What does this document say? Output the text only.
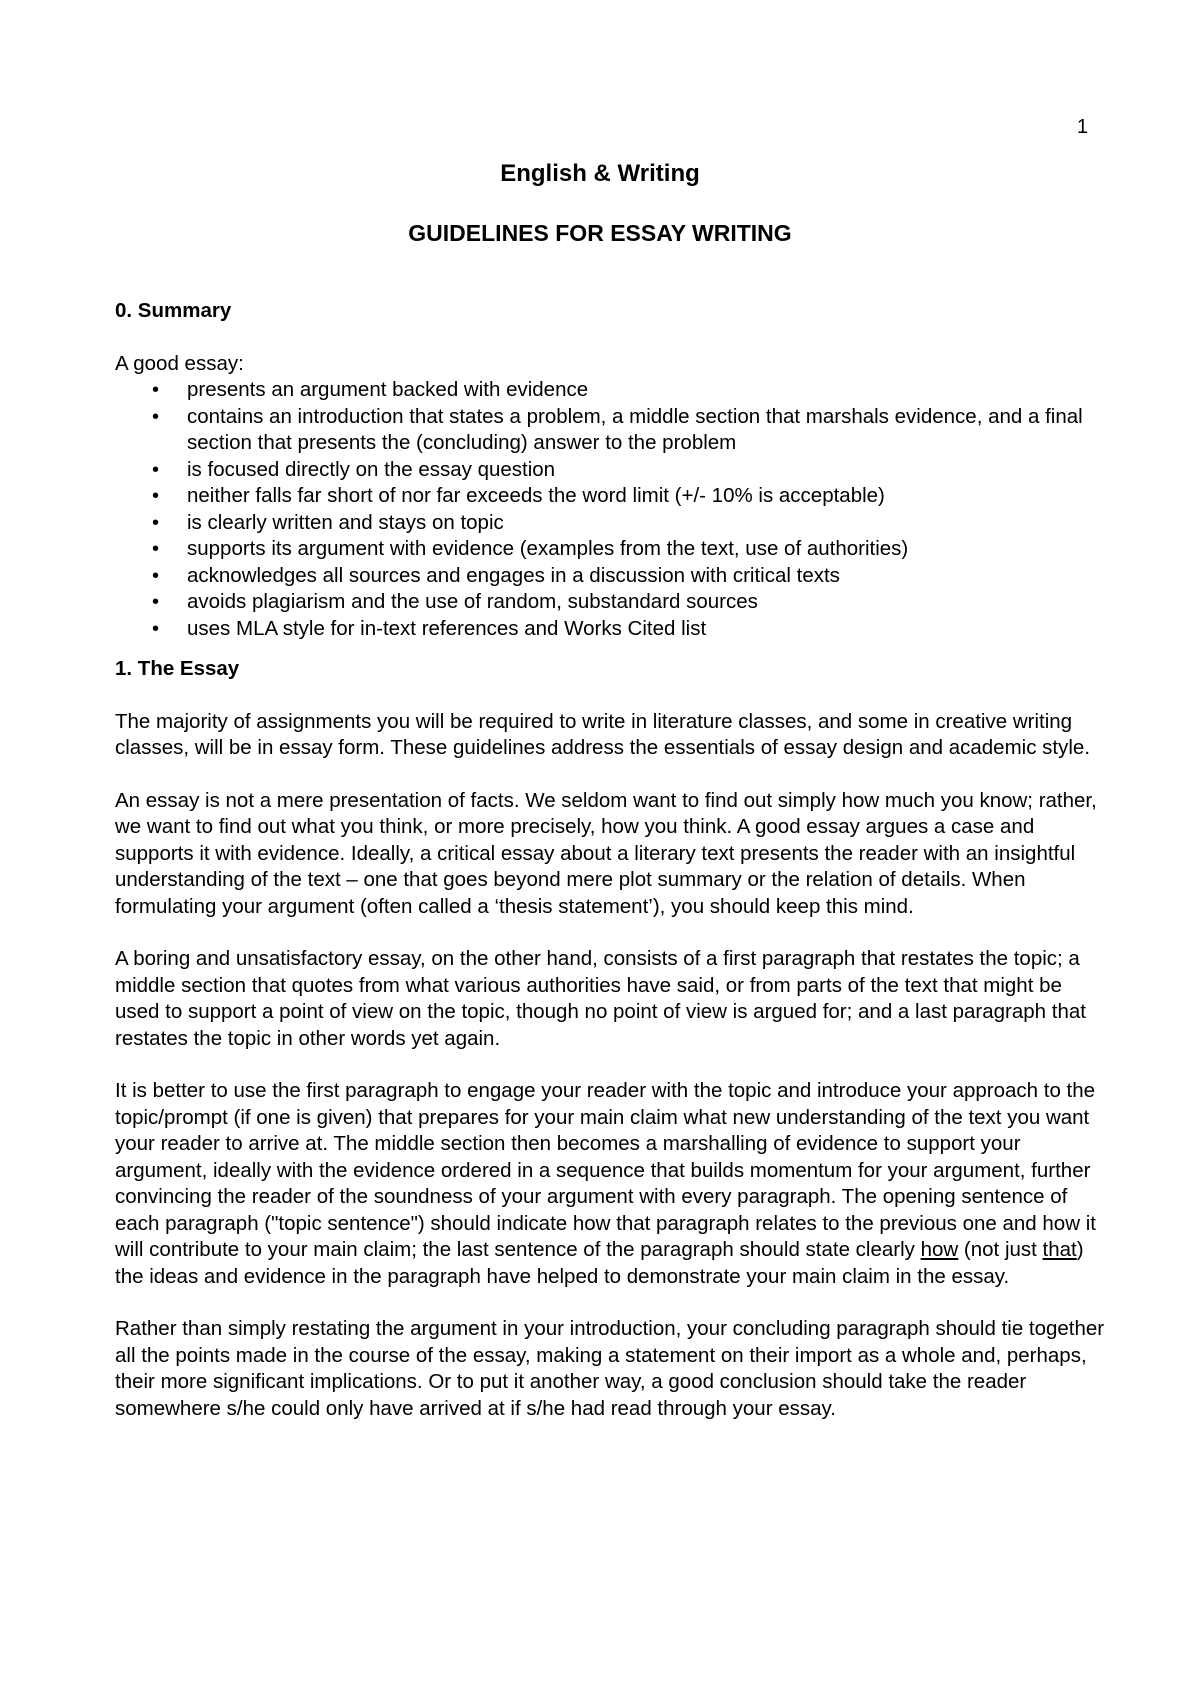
1
English & Writing
GUIDELINES FOR ESSAY WRITING

0. Summary

A good essay:

• presents an argument backed with evidence
• contains an introduction that states a problem, a middle section that marshals evidence, and a final section that presents the (concluding) answer to the problem
• is focused directly on the essay question
• neither falls far short of nor far exceeds the word limit (+/- 10% is acceptable)
• is clearly written and stays on topic
• supports its argument with evidence (examples from the text, use of authorities)
• acknowledges all sources and engages in a discussion with critical texts
• avoids plagiarism and the use of random, substandard sources
• uses MLA style for in-text references and Works Cited list

1. The Essay

The majority of assignments you will be required to write in literature classes, and some in creative writing classes, will be in essay form. These guidelines address the essentials of essay design and academic style.

An essay is not a mere presentation of facts. We seldom want to find out simply how much you know; rather, we want to find out what you think, or more precisely, how you think. A good essay argues a case and supports it with evidence. Ideally, a critical essay about a literary text presents the reader with an insightful understanding of the text – one that goes beyond mere plot summary or the relation of details. When formulating your argument (often called a ‘thesis statement’), you should keep this mind.

A boring and unsatisfactory essay, on the other hand, consists of a first paragraph that restates the topic; a middle section that quotes from what various authorities have said, or from parts of the text that might be used to support a point of view on the topic, though no point of view is argued for; and a last paragraph that restates the topic in other words yet again.

It is better to use the first paragraph to engage your reader with the topic and introduce your approach to the topic/prompt (if one is given) that prepares for your main claim what new understanding of the text you want your reader to arrive at. The middle section then becomes a marshalling of evidence to support your argument, ideally with the evidence ordered in a sequence that builds momentum for your argument, further convincing the reader of the soundness of your argument with every paragraph. The opening sentence of each paragraph ("topic sentence") should indicate how that paragraph relates to the previous one and how it will contribute to your main claim; the last sentence of the paragraph should state clearly how (not just that) the ideas and evidence in the paragraph have helped to demonstrate your main claim in the essay.

Rather than simply restating the argument in your introduction, your concluding paragraph should tie together all the points made in the course of the essay, making a statement on their import as a whole and, perhaps, their more significant implications. Or to put it another way, a good conclusion should take the reader somewhere s/he could only have arrived at if s/he had read through your essay.
